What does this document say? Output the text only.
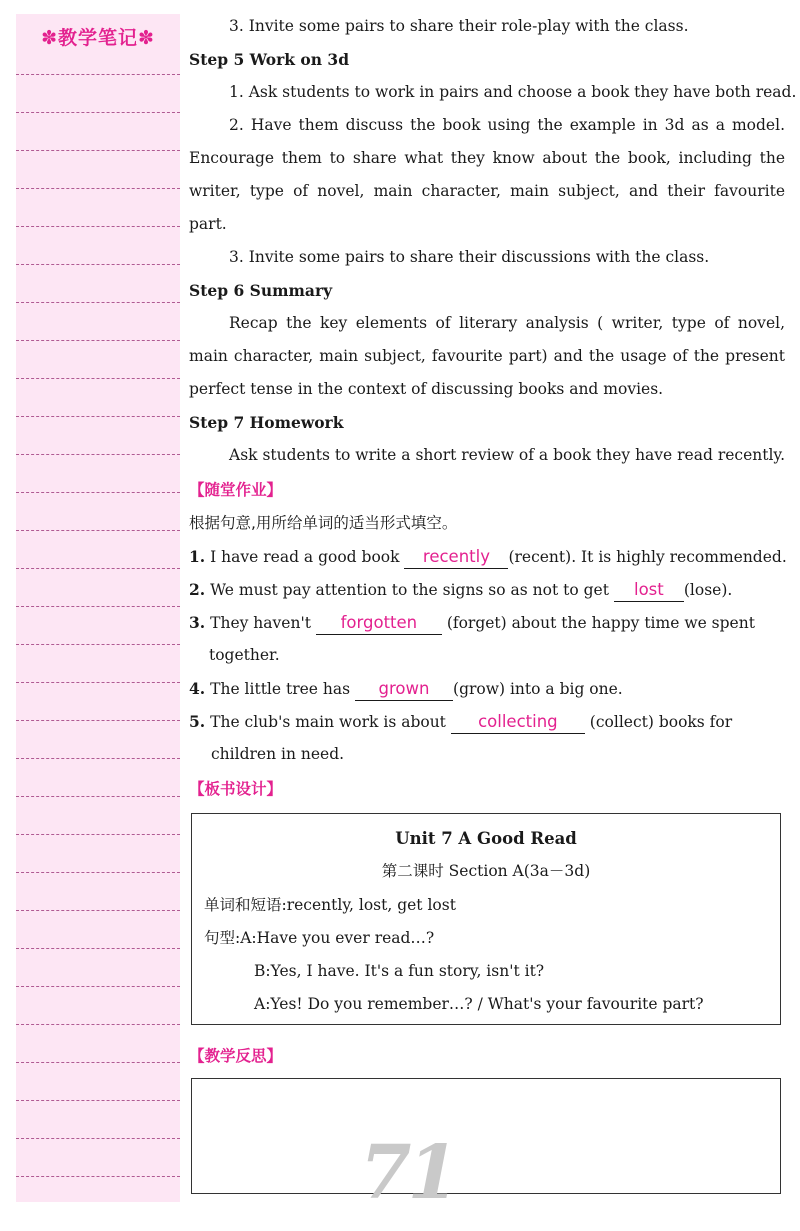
✽教学笔记✽
3. Invite some pairs to share their role-play with the class.
Step 5 Work on 3d
1. Ask students to work in pairs and choose a book they have both read.
2. Have them discuss the book using the example in 3d as a model.
Encourage them to share what they know about the book, including the
writer, type of novel, main character, main subject, and their favourite
part.
3. Invite some pairs to share their discussions with the class.
Step 6 Summary
Recap the key elements of literary analysis ( writer, type of novel,
main character, main subject, favourite part) and the usage of the present
perfect tense in the context of discussing books and movies.
Step 7 Homework
Ask students to write a short review of a book they have read recently.
【随堂作业】
根据句意,用所给单词的适当形式填空。
1. I have read a good book recently (recent). It is highly recommended.
2. We must pay attention to the signs so as not to get lost (lose).
3. They haven't forgotten (forget) about the happy time we spent
together.
4. The little tree has grown (grow) into a big one.
5. The club's main work is about collecting (collect) books for
children in need.
【板书设计】
Unit 7 A Good Read
第二课时 Section A(3a－3d)
单词和短语:recently, lost, get lost
句型:A:Have you ever read…?
B:Yes, I have. It's a fun story, isn't it?
A:Yes! Do you remember…? / What's your favourite part?
【教学反思】
71
